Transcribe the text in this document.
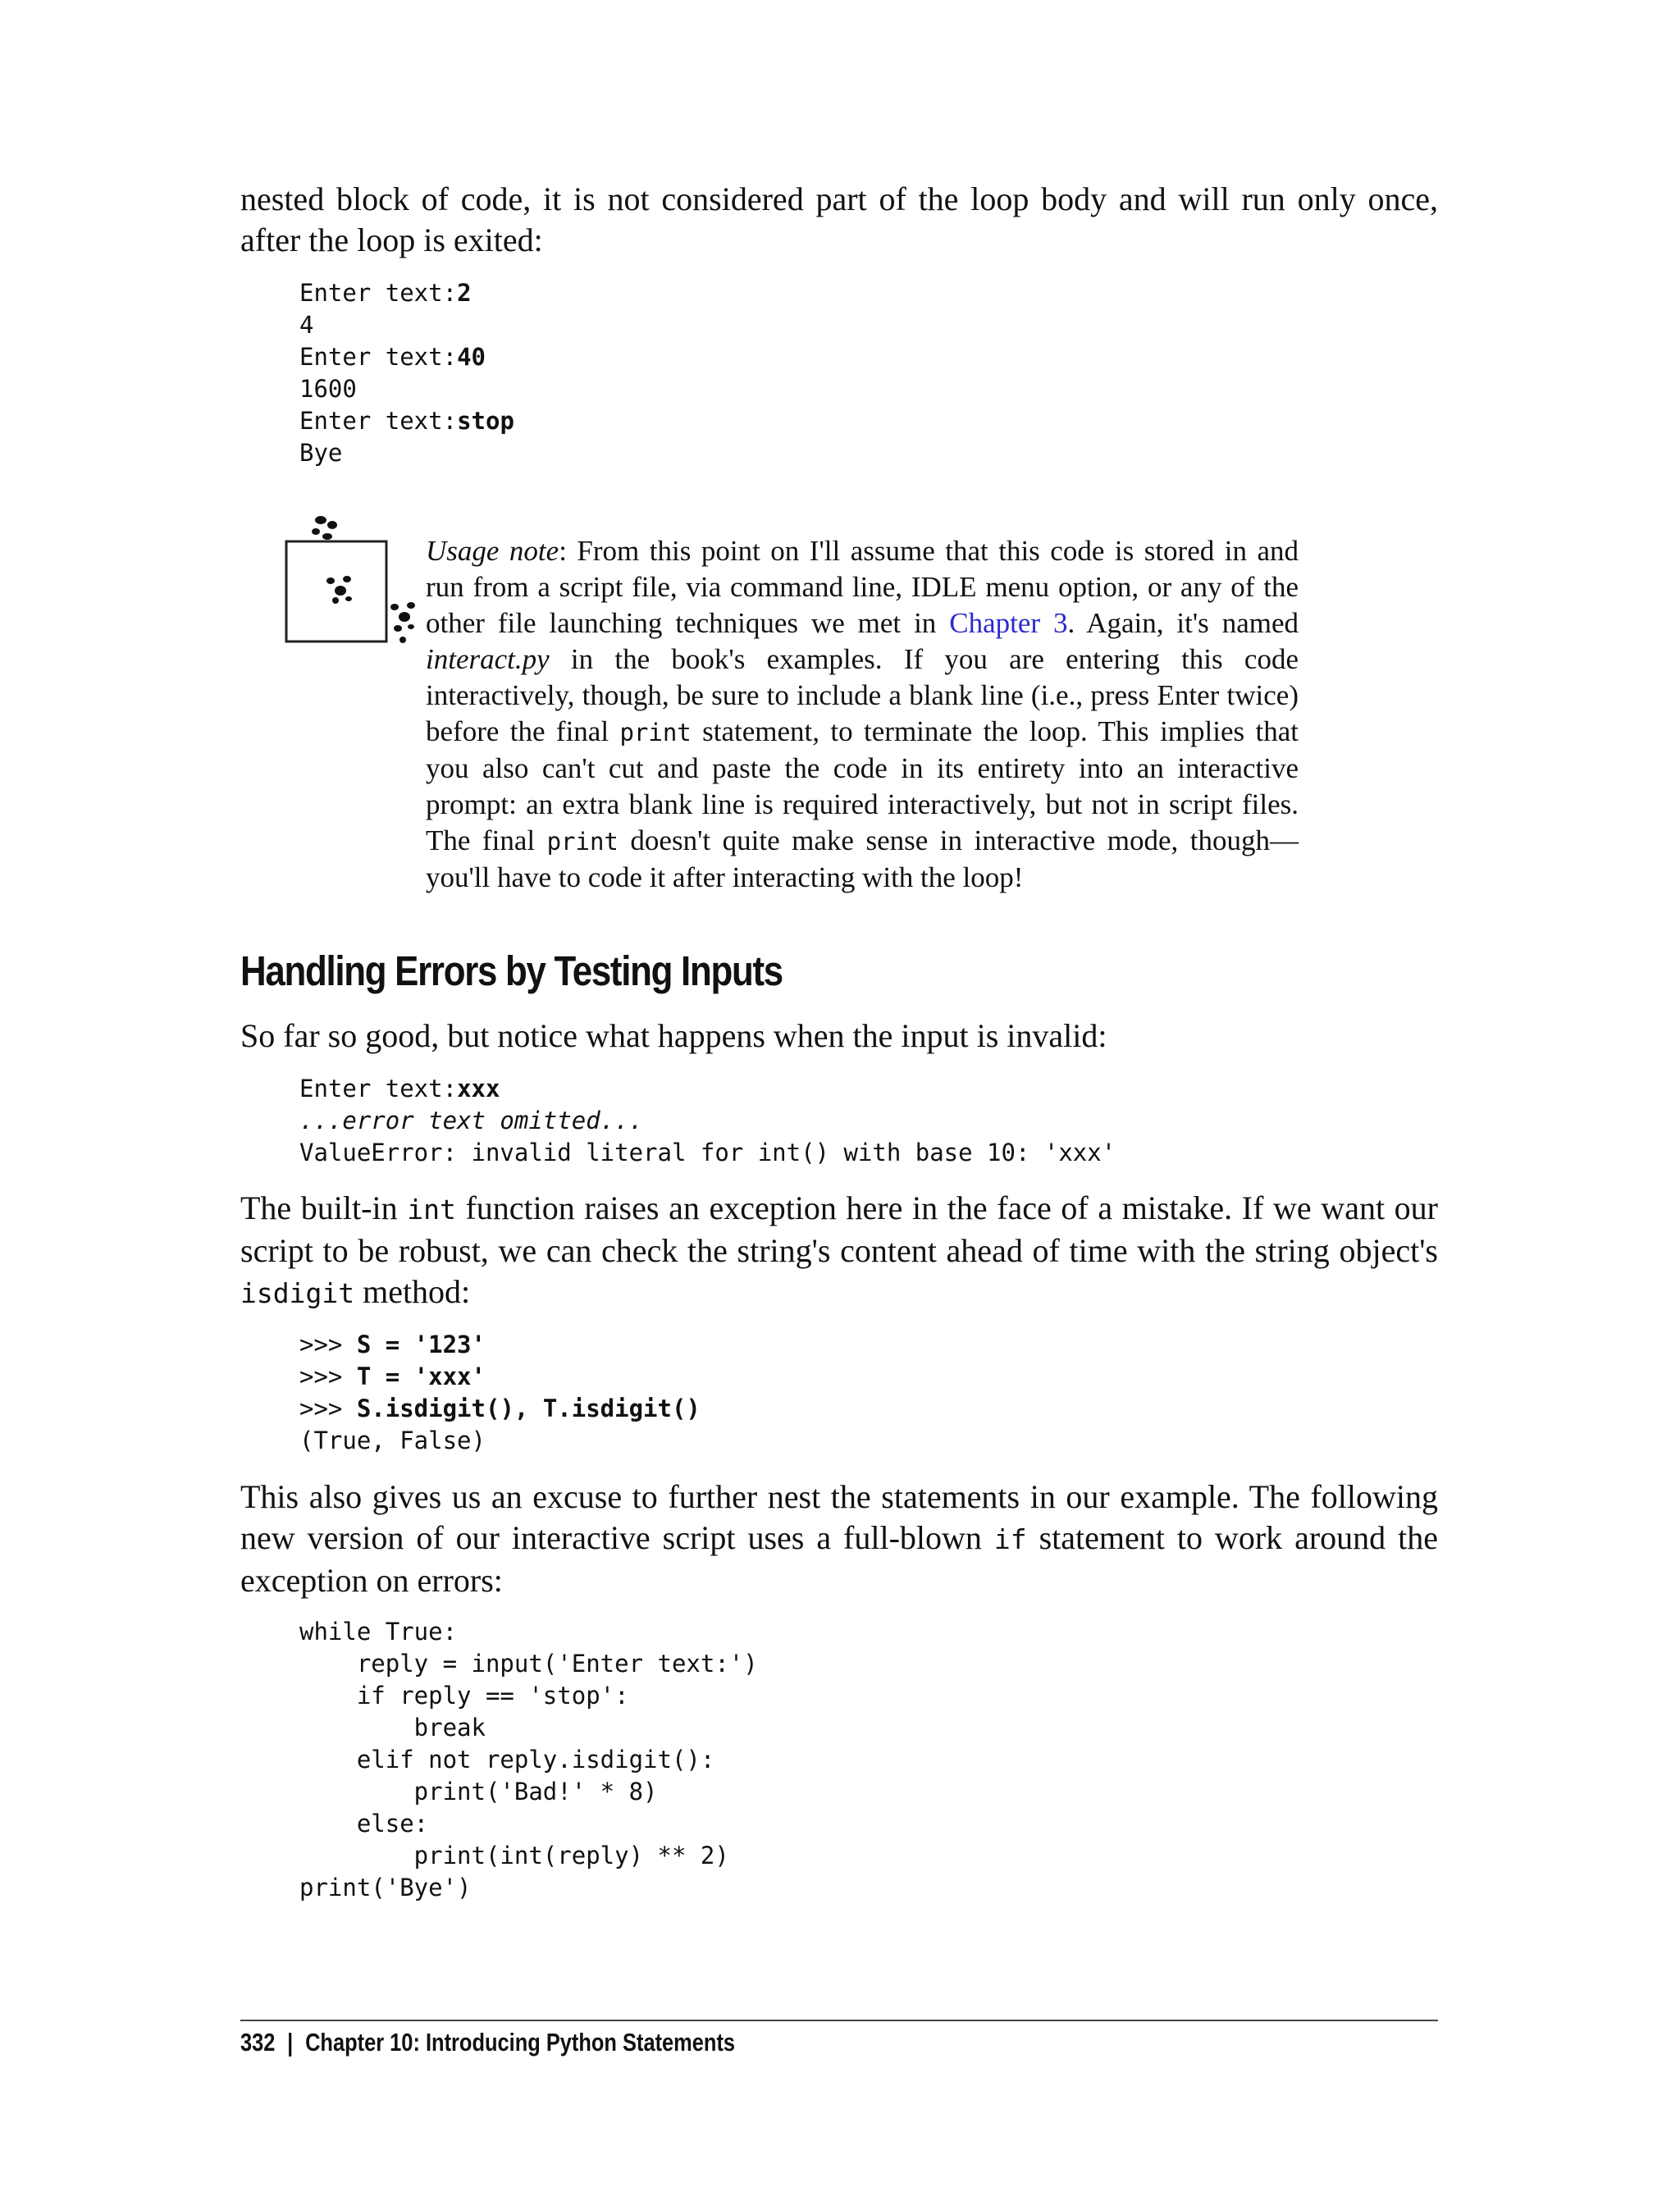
nested block of code, it is not considered part of the loop body and will run only once, after the loop is exited:

Enter text:2
4
Enter text:40
1600
Enter text:stop
Bye
Usage note: From this point on I'll assume that this code is stored in and run from a script file, via command line, IDLE menu option, or any of the other file launching techniques we met in Chapter 3. Again, it's named interact.py in the book's examples. If you are entering this code interactively, though, be sure to include a blank line (i.e., press Enter twice) before the final print statement, to terminate the loop. This implies that you also can't cut and paste the code in its entirety into an interactive prompt: an extra blank line is required interactively, but not in script files. The final print doesn't quite make sense in interactive mode, though—you'll have to code it after interacting with the loop!
Handling Errors by Testing Inputs

So far so good, but notice what happens when the input is invalid:

Enter text:xxx
...error text omitted...
ValueError: invalid literal for int() with base 10: 'xxx'

The built-in int function raises an exception here in the face of a mistake. If we want our script to be robust, we can check the string's content ahead of time with the string object's isdigit method:

>>> S = '123'
>>> T = 'xxx'
>>> S.isdigit(), T.isdigit()
(True, False)

This also gives us an excuse to further nest the statements in our example. The following new version of our interactive script uses a full-blown if statement to work around the exception on errors:

while True:
reply = input('Enter text:')
if reply == 'stop':
break
elif not reply.isdigit():
print('Bad!' * 8)
else:
print(int(reply) ** 2)
print('Bye')
332 | Chapter 10: Introducing Python Statements
